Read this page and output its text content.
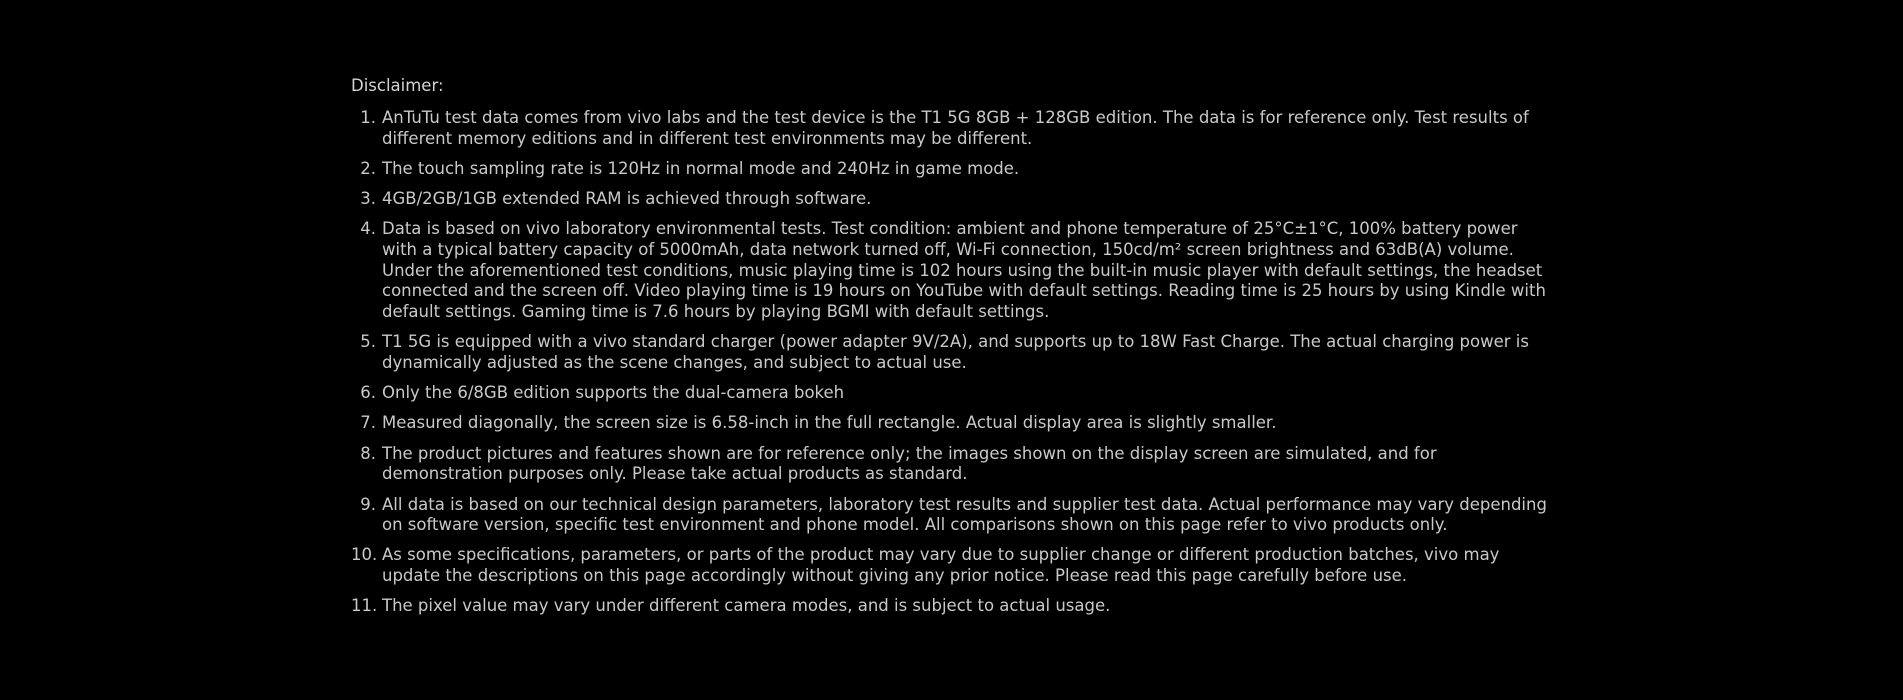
Disclaimer:
1. AnTuTu test data comes from vivo labs and the test device is the T1 5G 8GB + 128GB edition. The data is for reference only. Test results of different memory editions and in different test environments may be different.
2. The touch sampling rate is 120Hz in normal mode and 240Hz in game mode.
3. 4GB/2GB/1GB extended RAM is achieved through software.
4. Data is based on vivo laboratory environmental tests. Test condition: ambient and phone temperature of 25°C±1°C, 100% battery power with a typical battery capacity of 5000mAh, data network turned off, Wi-Fi connection, 150cd/m² screen brightness and 63dB(A) volume. Under the aforementioned test conditions, music playing time is 102 hours using the built-in music player with default settings, the headset connected and the screen off. Video playing time is 19 hours on YouTube with default settings. Reading time is 25 hours by using Kindle with default settings. Gaming time is 7.6 hours by playing BGMI with default settings.
5. T1 5G is equipped with a vivo standard charger (power adapter 9V/2A), and supports up to 18W Fast Charge. The actual charging power is dynamically adjusted as the scene changes, and subject to actual use.
6. Only the 6/8GB edition supports the dual-camera bokeh
7. Measured diagonally, the screen size is 6.58-inch in the full rectangle. Actual display area is slightly smaller.
8. The product pictures and features shown are for reference only; the images shown on the display screen are simulated, and for demonstration purposes only. Please take actual products as standard.
9. All data is based on our technical design parameters, laboratory test results and supplier test data. Actual performance may vary depending on software version, specific test environment and phone model. All comparisons shown on this page refer to vivo products only.
10. As some specifications, parameters, or parts of the product may vary due to supplier change or different production batches, vivo may update the descriptions on this page accordingly without giving any prior notice. Please read this page carefully before use.
11. The pixel value may vary under different camera modes, and is subject to actual usage.
